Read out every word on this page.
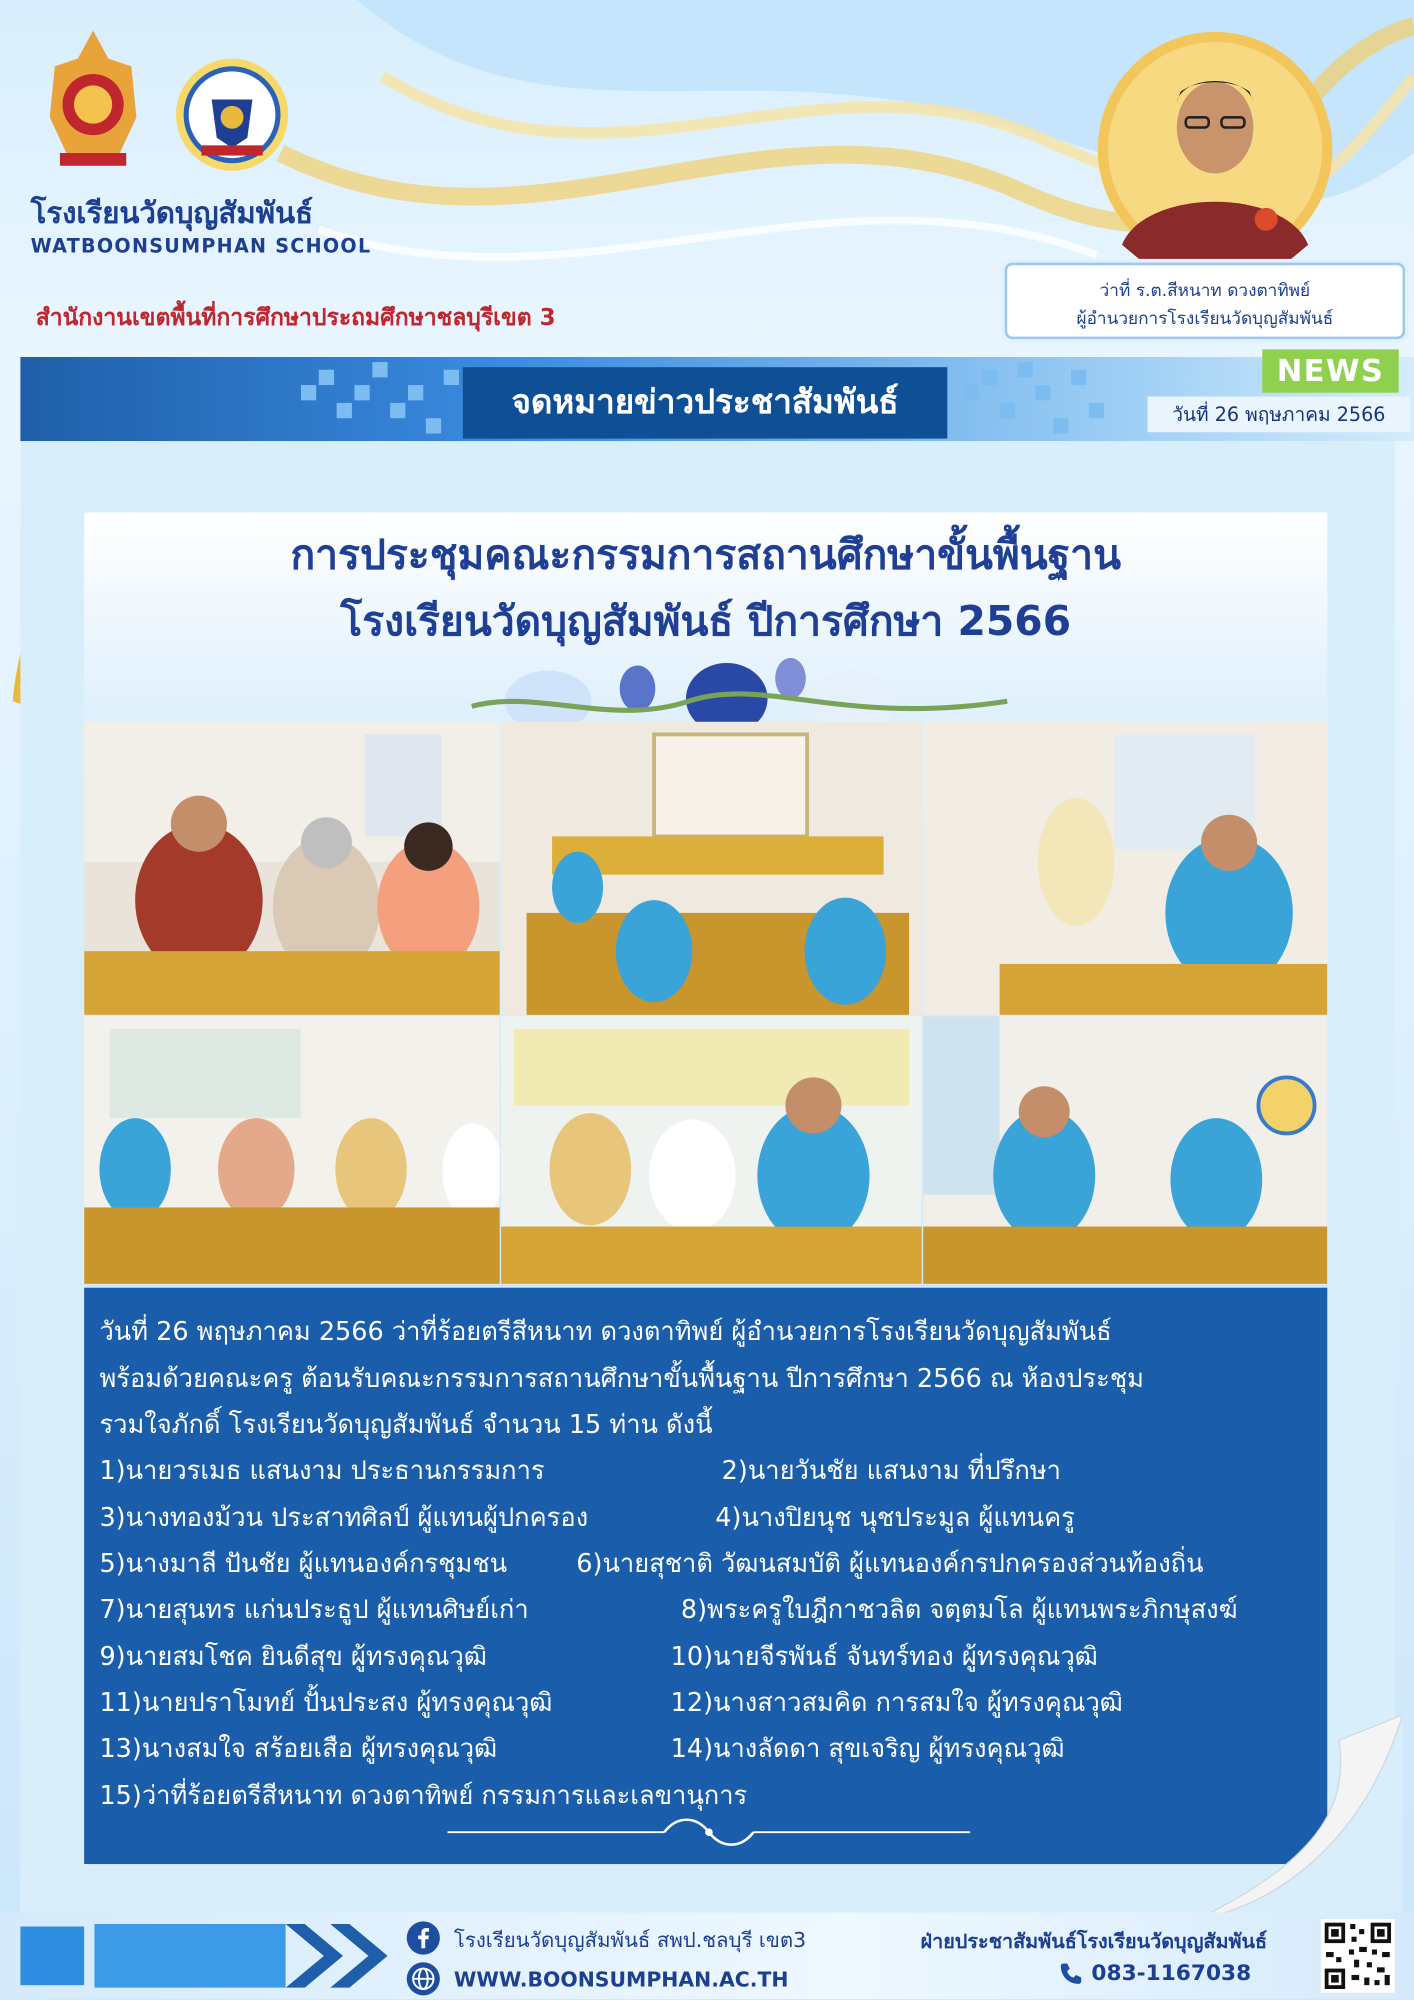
โรงเรียนวัดบุญสัมพันธ์
WATBOONSUMPHAN SCHOOL
สำนักงานเขตพื้นที่การศึกษาประถมศึกษาชลบุรีเขต 3
ว่าที่ ร.ต.สีหนาท ดวงตาทิพย์
ผู้อำนวยการโรงเรียนวัดบุญสัมพันธ์
จดหมายข่าวประชาสัมพันธ์
NEWS
วันที่ 26 พฤษภาคม 2566
การประชุมคณะกรรมการสถานศึกษาขั้นพื้นฐาน
โรงเรียนวัดบุญสัมพันธ์ ปีการศึกษา 2566
วันที่ 26 พฤษภาคม 2566 ว่าที่ร้อยตรีสีหนาท ดวงตาทิพย์ ผู้อำนวยการโรงเรียนวัดบุญสัมพันธ์
พร้อมด้วยคณะครู ต้อนรับคณะกรรมการสถานศึกษาขั้นพื้นฐาน ปีการศึกษา 2566 ณ ห้องประชุม
รวมใจภักดิ์ โรงเรียนวัดบุญสัมพันธ์ จำนวน 15 ท่าน ดังนี้
1)นายวรเมธ แสนงาม ประธานกรรมการ	2)นายวันชัย แสนงาม ที่ปรึกษา
3)นางทองม้วน ประสาทศิลป์ ผู้แทนผู้ปกครอง	4)นางปิยนุช นุชประมูล ผู้แทนครู
5)นางมาลี ปันชัย ผู้แทนองค์กรชุมชน	6)นายสุชาติ วัฒนสมบัติ ผู้แทนองค์กรปกครองส่วนท้องถิ่น
7)นายสุนทร แก่นประธูป ผู้แทนศิษย์เก่า	8)พระครูใบฎีกาชวลิต จตฺตมโล ผู้แทนพระภิกษุสงฆ์
9)นายสมโชค ยินดีสุข ผู้ทรงคุณวุฒิ	10)นายจีรพันธ์ จันทร์ทอง ผู้ทรงคุณวุฒิ
11)นายปราโมทย์ ปั้นประสง ผู้ทรงคุณวุฒิ	12)นางสาวสมคิด การสมใจ ผู้ทรงคุณวุฒิ
13)นางสมใจ สร้อยเสือ ผู้ทรงคุณวุฒิ	14)นางลัดดา สุขเจริญ ผู้ทรงคุณวุฒิ
15)ว่าที่ร้อยตรีสีหนาท ดวงตาทิพย์ กรรมการและเลขานุการ
โรงเรียนวัดบุญสัมพันธ์ สพป.ชลบุรี เขต3
WWW.BOONSUMPHAN.AC.TH
ฝ่ายประชาสัมพันธ์โรงเรียนวัดบุญสัมพันธ์
083-1167038
